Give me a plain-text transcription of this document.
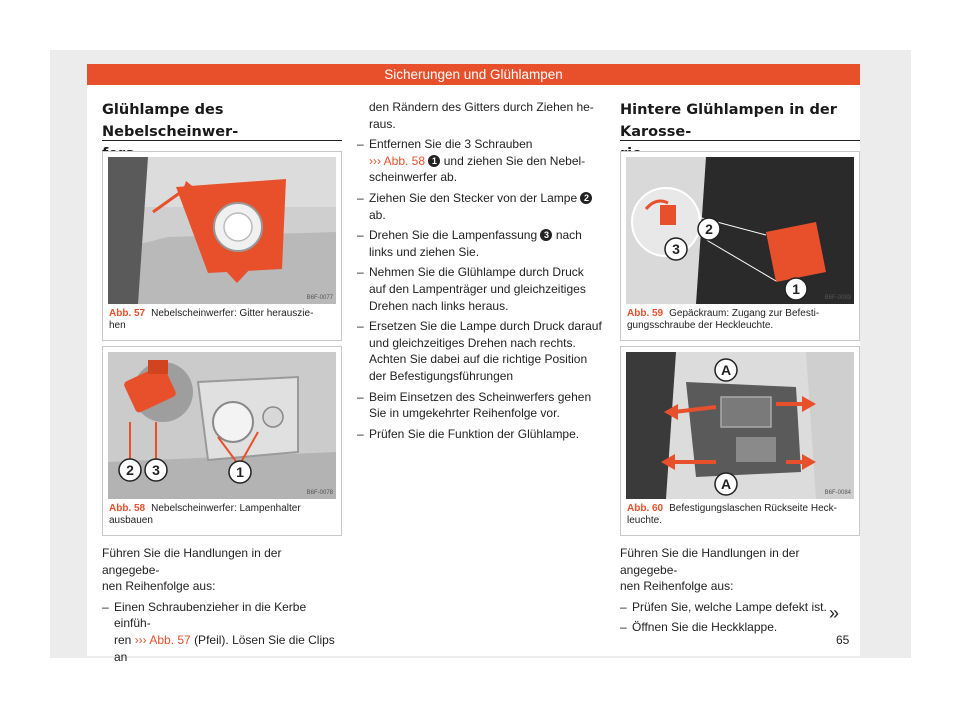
Sicherungen und Glühlampen
Glühlampe des Nebelscheinwer-
B6F-0077
Abb. 57 Nebelscheinwerfer: Gitter herauszie-
hen
2 3	1
B6F-0078
Abb. 58 Nebelscheinwerfer: Lampenhalter
ausbauen
Führen Sie die Handlungen in der angegebe-
nen Reihenfolge aus:
– Einen Schraubenzieher in die Kerbe einfüh-
ren ››› Abb. 57 (Pfeil). Lösen Sie die Clips an
den Rändern des Gitters durch Ziehen he-
raus.
– Entfernen Sie die 3 Schrauben
››› Abb. 58 1 und ziehen Sie den Nebel-
scheinwerfer ab.
– Ziehen Sie den Stecker von der Lampe 2
ab.
– Drehen Sie die Lampenfassung 3 nach
links und ziehen Sie.
– Nehmen Sie die Glühlampe durch Druck
auf den Lampenträger und gleichzeitiges
Drehen nach links heraus.
– Ersetzen Sie die Lampe durch Druck darauf
und gleichzeitiges Drehen nach rechts.
Achten Sie dabei auf die richtige Position
der Befestigungsführungen
– Beim Einsetzen des Scheinwerfers gehen
Sie in umgekehrter Reihenfolge vor.
– Prüfen Sie die Funktion der Glühlampe.
Hintere Glühlampen in der Karosse-
2
3
1
B6F-0083
Abb. 59 Gepäckraum: Zugang zur Befesti-
gungsschraube der Heckleuchte.
A
A
B6F-0084
Abb. 60 Befestigungslaschen Rückseite Heck-
leuchte.
Führen Sie die Handlungen in der angegebe-
nen Reihenfolge aus:
– Prüfen Sie, welche Lampe defekt ist.
– Öffnen Sie die Heckklappe.
»
65
